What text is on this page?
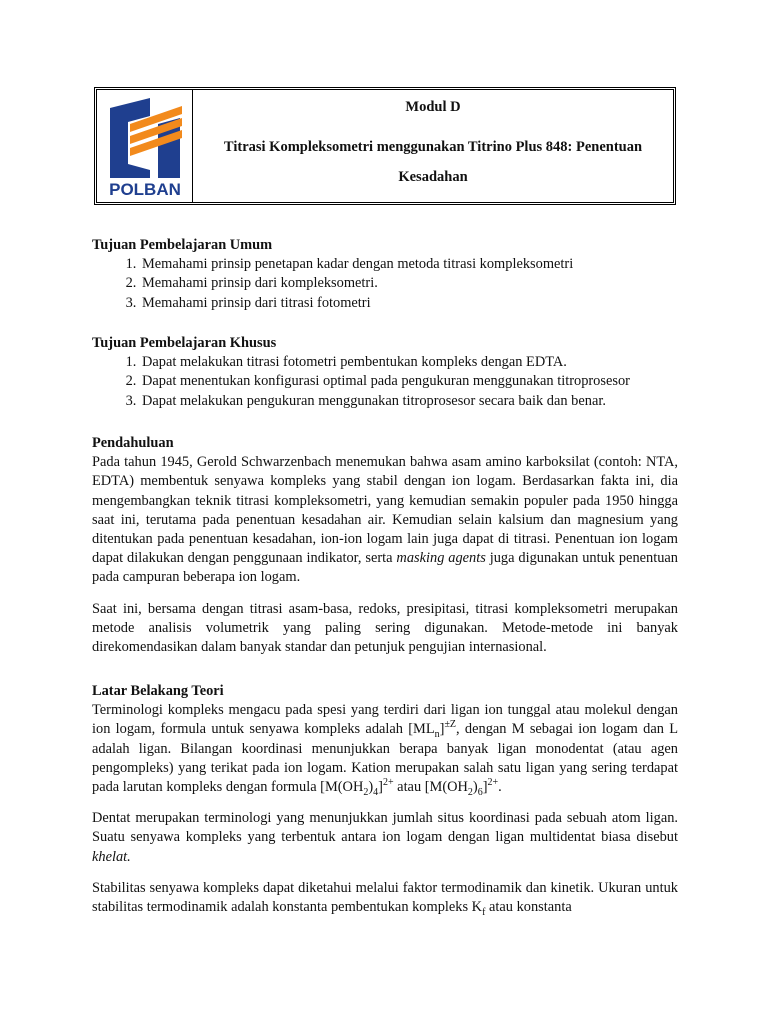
POLBAN
Modul D
Titrasi Kompleksometri menggunakan Titrino Plus 848: Penentuan
Kesadahan

Tujuan Pembelajaran Umum

1. Memahami prinsip penetapan kadar dengan metoda titrasi kompleksometri
2. Memahami prinsip dari kompleksometri.
3. Memahami prinsip dari titrasi fotometri

Tujuan Pembelajaran Khusus

1. Dapat melakukan titrasi fotometri pembentukan kompleks dengan EDTA.
2. Dapat menentukan konfigurasi optimal pada pengukuran menggunakan titroprosesor
3. Dapat melakukan pengukuran menggunakan titroprosesor secara baik dan benar.

Pendahuluan

Pada tahun 1945, Gerold Schwarzenbach menemukan bahwa asam amino karboksilat (contoh: NTA, EDTA) membentuk senyawa kompleks yang stabil dengan ion logam. Berdasarkan fakta ini, dia mengembangkan teknik titrasi kompleksometri, yang kemudian semakin populer pada 1950 hingga saat ini, terutama pada penentuan kesadahan air. Kemudian selain kalsium dan magnesium yang ditentukan pada penentuan kesadahan, ion-ion logam lain juga dapat di titrasi. Penentuan ion logam dapat dilakukan dengan penggunaan indikator, serta masking agents juga digunakan untuk penentuan pada campuran beberapa ion logam.

Saat ini, bersama dengan titrasi asam-basa, redoks, presipitasi, titrasi kompleksometri merupakan metode analisis volumetrik yang paling sering digunakan. Metode-metode ini banyak direkomendasikan dalam banyak standar dan petunjuk pengujian internasional.

Latar Belakang Teori

Terminologi kompleks mengacu pada spesi yang terdiri dari ligan ion tunggal atau molekul dengan ion logam, formula untuk senyawa kompleks adalah $[ML_n]^{\pm Z}$, dengan M sebagai ion logam dan L adalah ligan. Bilangan koordinasi menunjukkan berapa banyak ligan monodentat (atau agen pengompleks) yang terikat pada ion logam. Kation merupakan salah satu ligan yang sering terdapat pada larutan kompleks dengan formula $[M(OH_2)_4]^{2+}$ atau $[M(OH_2)_6]^{2+}$.

Dentat merupakan terminologi yang menunjukkan jumlah situs koordinasi pada sebuah atom ligan. Suatu senyawa kompleks yang terbentuk antara ion logam dengan ligan multidentat biasa disebut khelat.

Stabilitas senyawa kompleks dapat diketahui melalui faktor termodinamik dan kinetik. Ukuran untuk stabilitas termodinamik adalah konstanta pembentukan kompleks $K_f$ atau konstanta
